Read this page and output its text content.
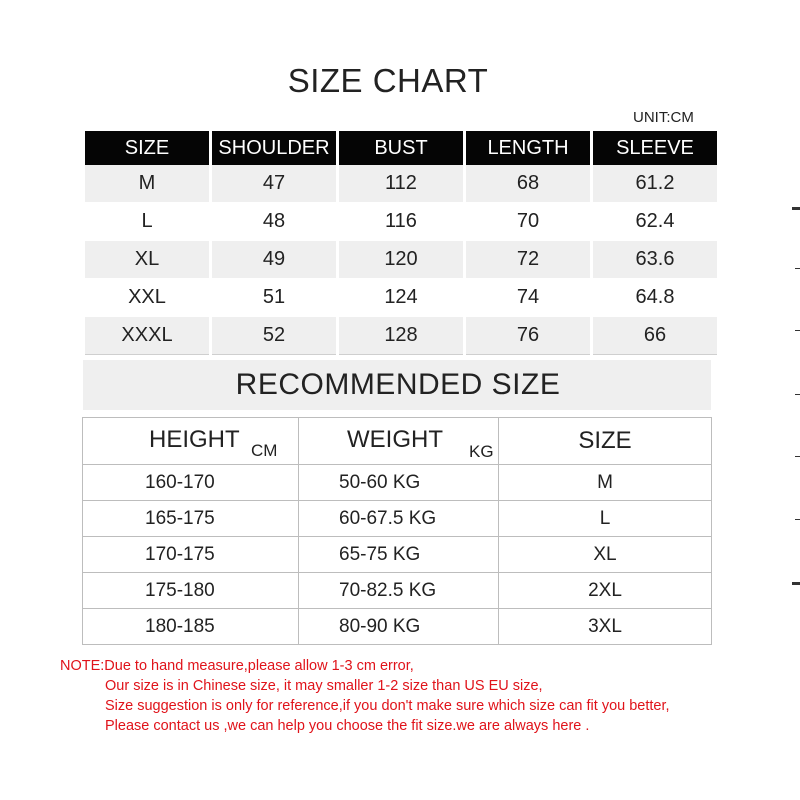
SIZE CHART
UNIT:CM
SIZE	SHOULDER	BUST	LENGTH	SLEEVE
M	47	112	68	61.2
L	48	116	70	62.4
XL	49	120	72	63.6
XXL	51	124	74	64.8
XXXL	52	128	76	66
RECOMMENDED SIZE
HEIGHT CM	WEIGHT KG	SIZE
160-170	50-60 KG	M
165-175	60-67.5 KG	L
170-175	65-75 KG	XL
175-180	70-82.5 KG	2XL
180-185	80-90 KG	3XL
NOTE:Due to hand measure,please allow 1-3 cm error,
Our size is in Chinese size, it may smaller 1-2 size than US EU size,
Size suggestion is only for reference,if you don't make sure which size can fit you better,
Please contact us ,we can help you choose the fit size.we are always here .
